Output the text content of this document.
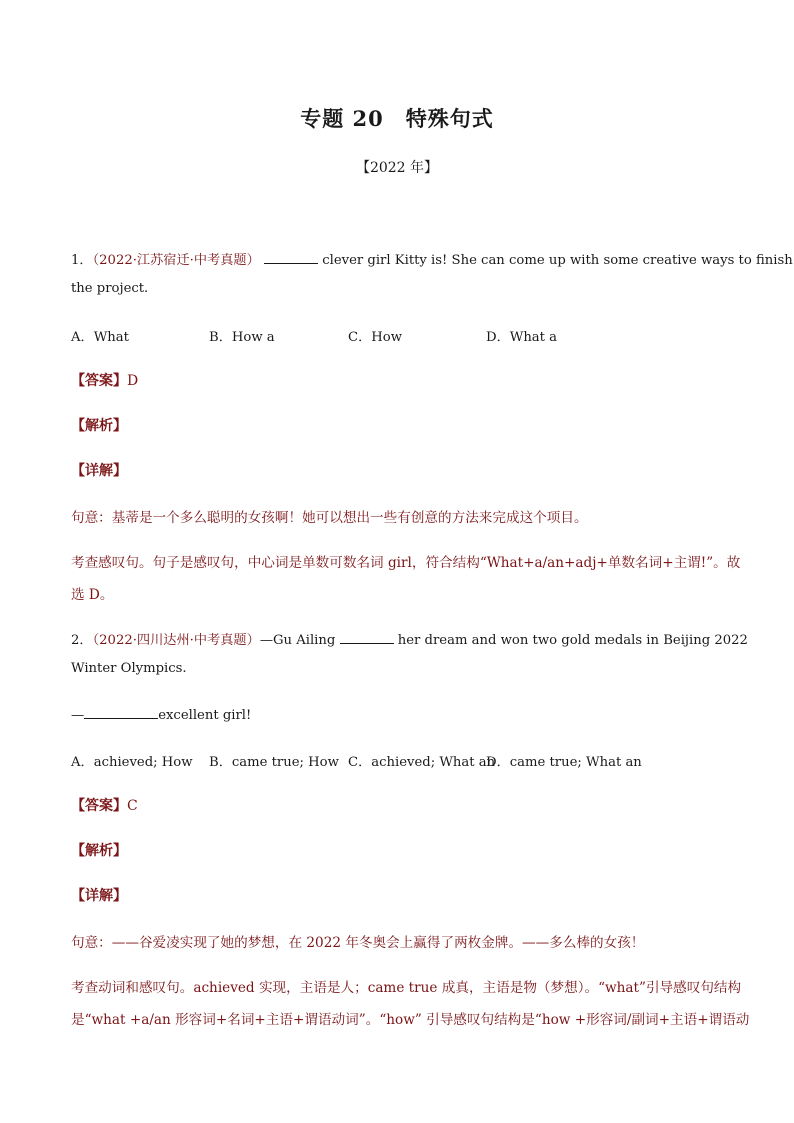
专题 20　特殊句式
【2022 年】
1．（2022·江苏宿迁·中考真题）	clever girl Kitty is! She can come up with some creative ways to finish
the project.
A．What	B．How a	C．How	D．What a
【答案】D
【解析】
【详解】
句意：基蒂是一个多么聪明的女孩啊！她可以想出一些有创意的方法来完成这个项目。
考查感叹句。句子是感叹句，中心词是单数可数名词 girl，符合结构“What+a/an+adj+单数名词+主谓!”。故
选 D。
2．（2022·四川达州·中考真题）—Gu Ailing	her dream and won two gold medals in Beijing 2022
Winter Olympics.
—	excellent girl!
A．achieved; How B．came true; How C．achieved; What an
D．came true; What an
【答案】C
【解析】
【详解】
句意：——谷爱凌实现了她的梦想，在 2022 年冬奥会上赢得了两枚金牌。——多么棒的女孩！
考查动词和感叹句。achieved 实现，主语是人；came true 成真，主语是物（梦想）。“what”引导感叹句结构
是“what +a/an 形容词+名词+主语+谓语动词”。“how” 引导感叹句结构是“how +形容词/副词+主语+谓语动
